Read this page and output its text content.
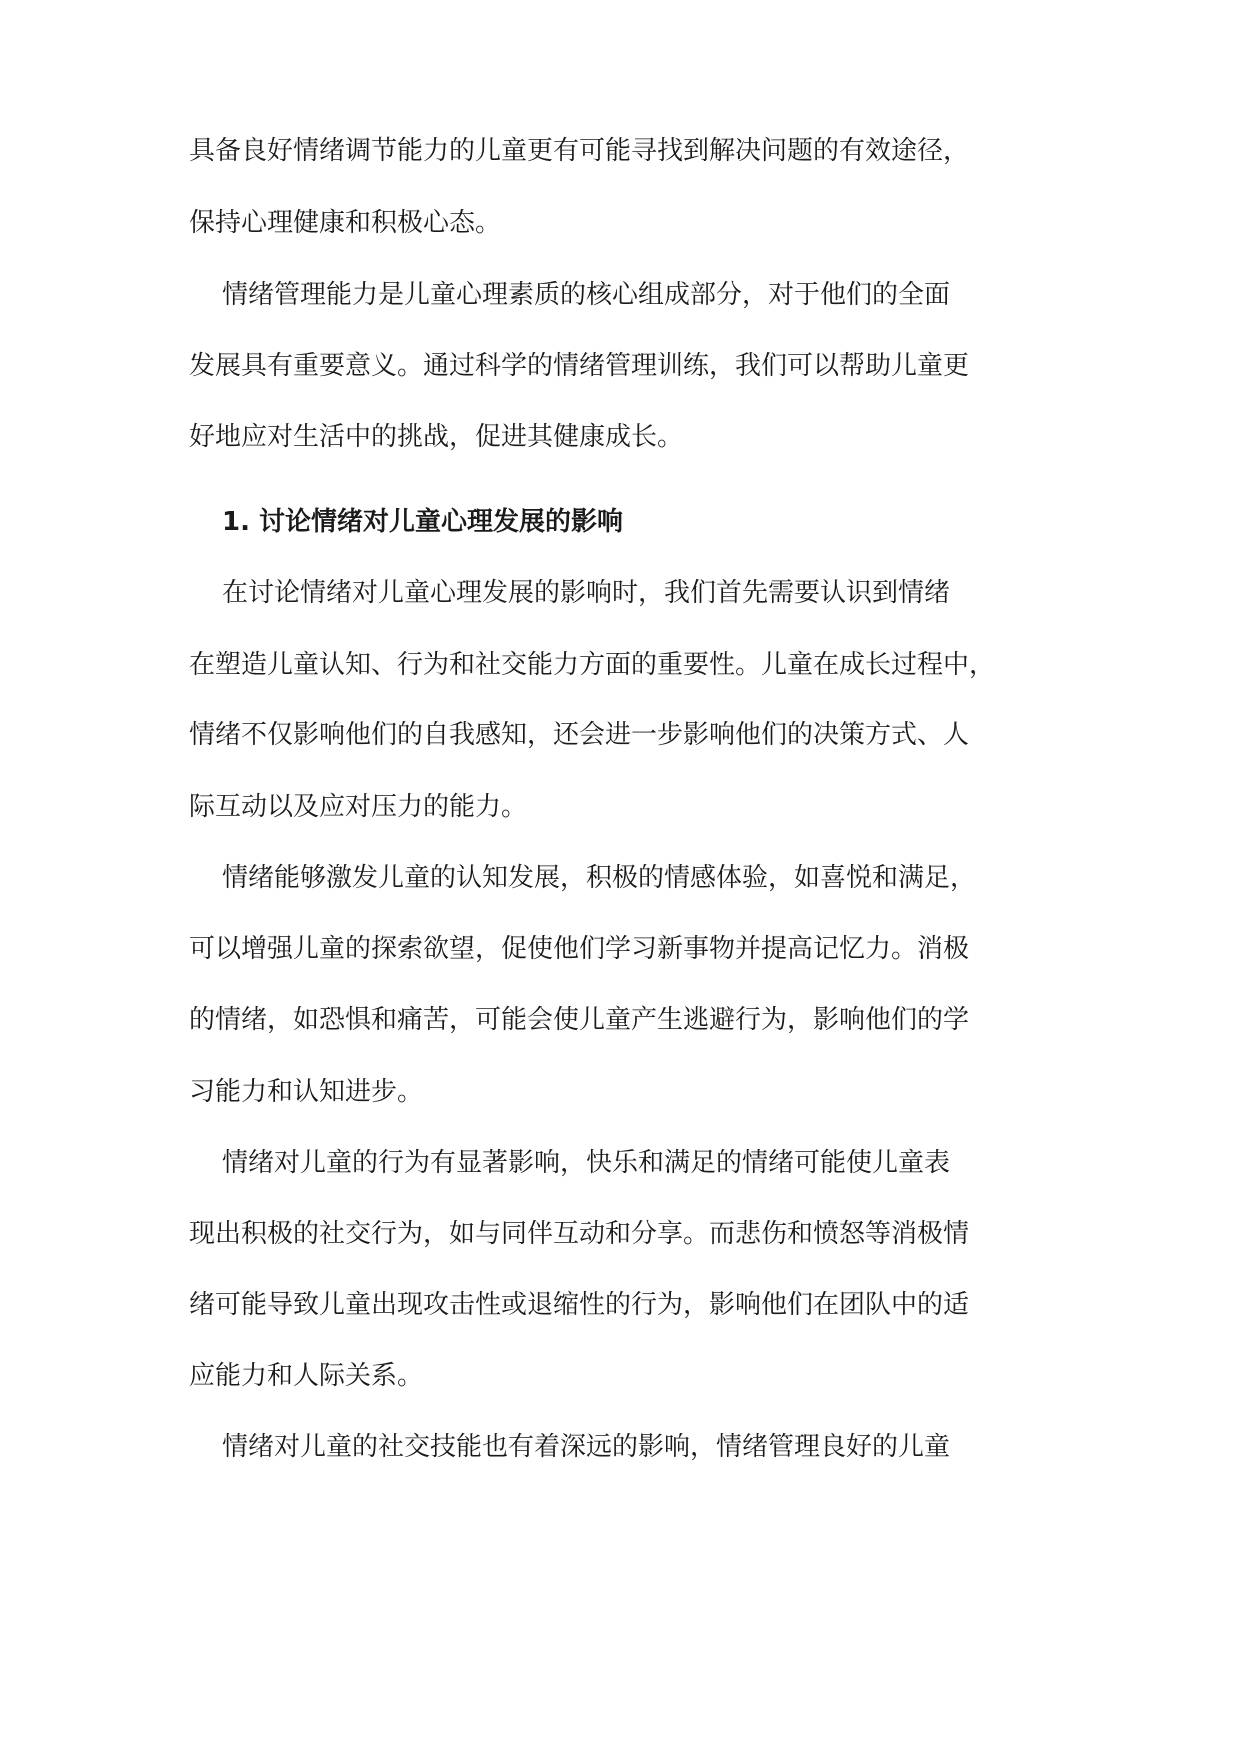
具备良好情绪调节能力的儿童更有可能寻找到解决问题的有效途径，
保持心理健康和积极心态。
情绪管理能力是儿童心理素质的核心组成部分，对于他们的全面
发展具有重要意义。通过科学的情绪管理训练，我们可以帮助儿童更
好地应对生活中的挑战，促进其健康成长。
1. 讨论情绪对儿童心理发展的影响
在讨论情绪对儿童心理发展的影响时，我们首先需要认识到情绪
在塑造儿童认知、行为和社交能力方面的重要性。儿童在成长过程中，
情绪不仅影响他们的自我感知，还会进一步影响他们的决策方式、人
际互动以及应对压力的能力。
情绪能够激发儿童的认知发展，积极的情感体验，如喜悦和满足，
可以增强儿童的探索欲望，促使他们学习新事物并提高记忆力。消极
的情绪，如恐惧和痛苦，可能会使儿童产生逃避行为，影响他们的学
习能力和认知进步。
情绪对儿童的行为有显著影响，快乐和满足的情绪可能使儿童表
现出积极的社交行为，如与同伴互动和分享。而悲伤和愤怒等消极情
绪可能导致儿童出现攻击性或退缩性的行为，影响他们在团队中的适
应能力和人际关系。
情绪对儿童的社交技能也有着深远的影响，情绪管理良好的儿童
